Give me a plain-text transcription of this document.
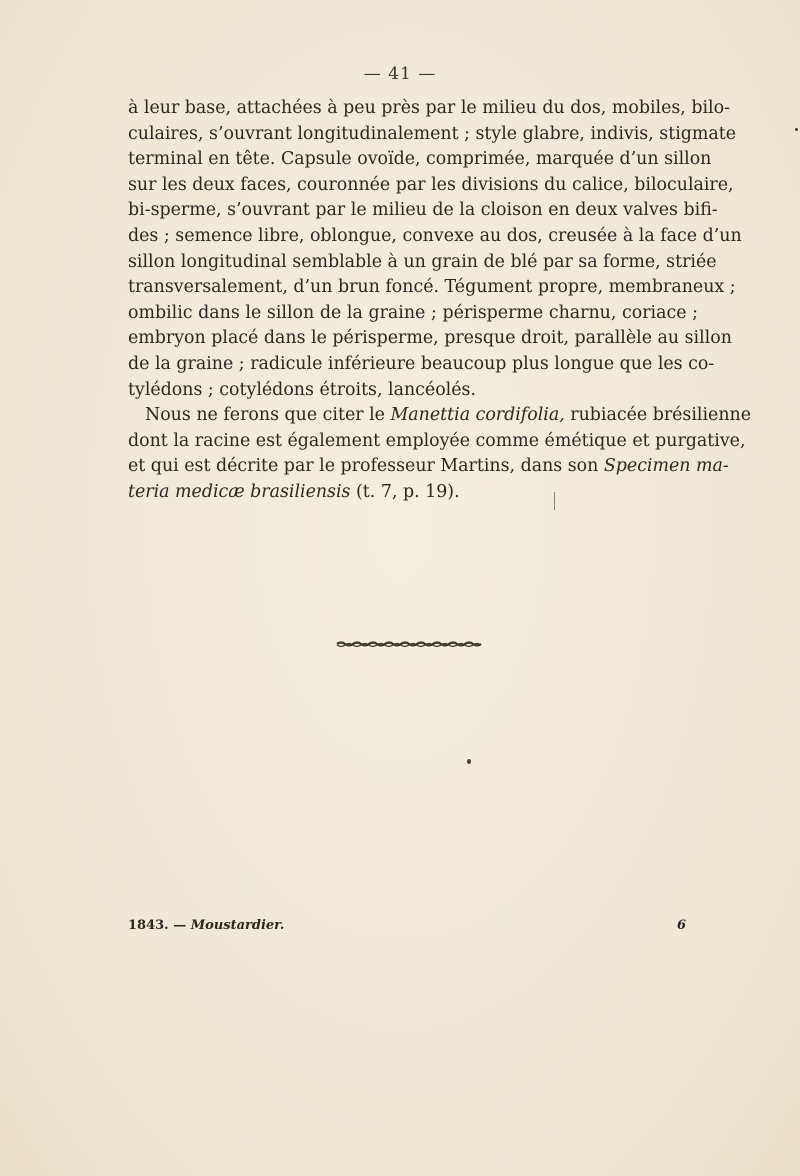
— 41 —
à leur base, attachées à peu près par le milieu du dos, mobiles, bilo-
culaires, s’ouvrant longitudinalement ; style glabre, indivis, stigmate
terminal en tête. Capsule ovoïde, comprimée, marquée d’un sillon
sur les deux faces, couronnée par les divisions du calice, biloculaire,
bi-sperme, s’ouvrant par le milieu de la cloison en deux valves bifi-
des ; semence libre, oblongue, convexe au dos, creusée à la face d’un
sillon longitudinal semblable à un grain de blé par sa forme, striée
transversalement, d’un brun foncé. Tégument propre, membraneux ;
ombilic dans le sillon de la graine ; périsperme charnu, coriace ;
embryon placé dans le périsperme, presque droit, parallèle au sillon
de la graine ; radicule inférieure beaucoup plus longue que les co-
tylédons ; cotylédons étroits, lancéolés.
Nous ne ferons que citer le Manettia cordifolia, rubiacée brésilienne
dont la racine est également employée comme émétique et purgative,
et qui est décrite par le professeur Martins, dans son Specimen ma-
teria medicæ brasiliensis (t. 7, p. 19).
1843. — Moustardier.	6
